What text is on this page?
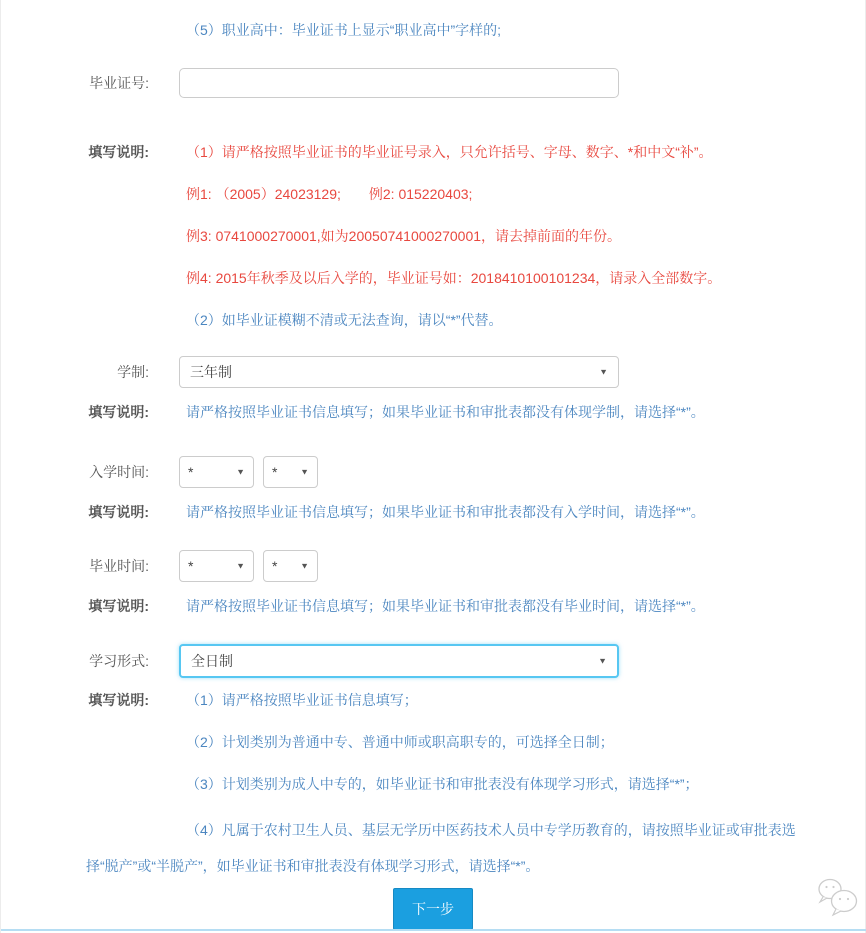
（5）职业高中：毕业证书上显示“职业高中”字样的;
毕业证号:
填写说明:	（1）请严格按照毕业证书的毕业证号录入，只允许括号、字母、数字、*和中文“补”。

例1: （2005）24023129;　　例2: 015220403;

例3: 0741000270001,如为20050741000270001，请去掉前面的年份。

例4: 2015年秋季及以后入学的，毕业证号如：2018410100101234，请录入全部数字。

（2）如毕业证模糊不清或无法查询，请以“*”代替。

学制:	三年制	▼
填写说明:	请严格按照毕业证书信息填写；如果毕业证书和审批表都没有体现学制，请选择“*”。

入学时间:	*	▼ *	▼
填写说明:	请严格按照毕业证书信息填写；如果毕业证书和审批表都没有入学时间，请选择“*”。

毕业时间:	*	▼ *	▼
填写说明:	请严格按照毕业证书信息填写；如果毕业证书和审批表都没有毕业时间，请选择“*”。

学习形式:	全日制	▼
填写说明:	（1）请严格按照毕业证书信息填写；

（2）计划类别为普通中专、普通中师或职高职专的，可选择全日制；

（3）计划类别为成人中专的，如毕业证书和审批表没有体现学习形式，请选择“*”；

（4）凡属于农村卫生人员、基层无学历中医药技术人员中专学历教育的，请按照毕业证或审批表选择“脱产”或“半脱产”，如毕业证书和审批表没有体现学习形式，请选择“*”。

下一步
